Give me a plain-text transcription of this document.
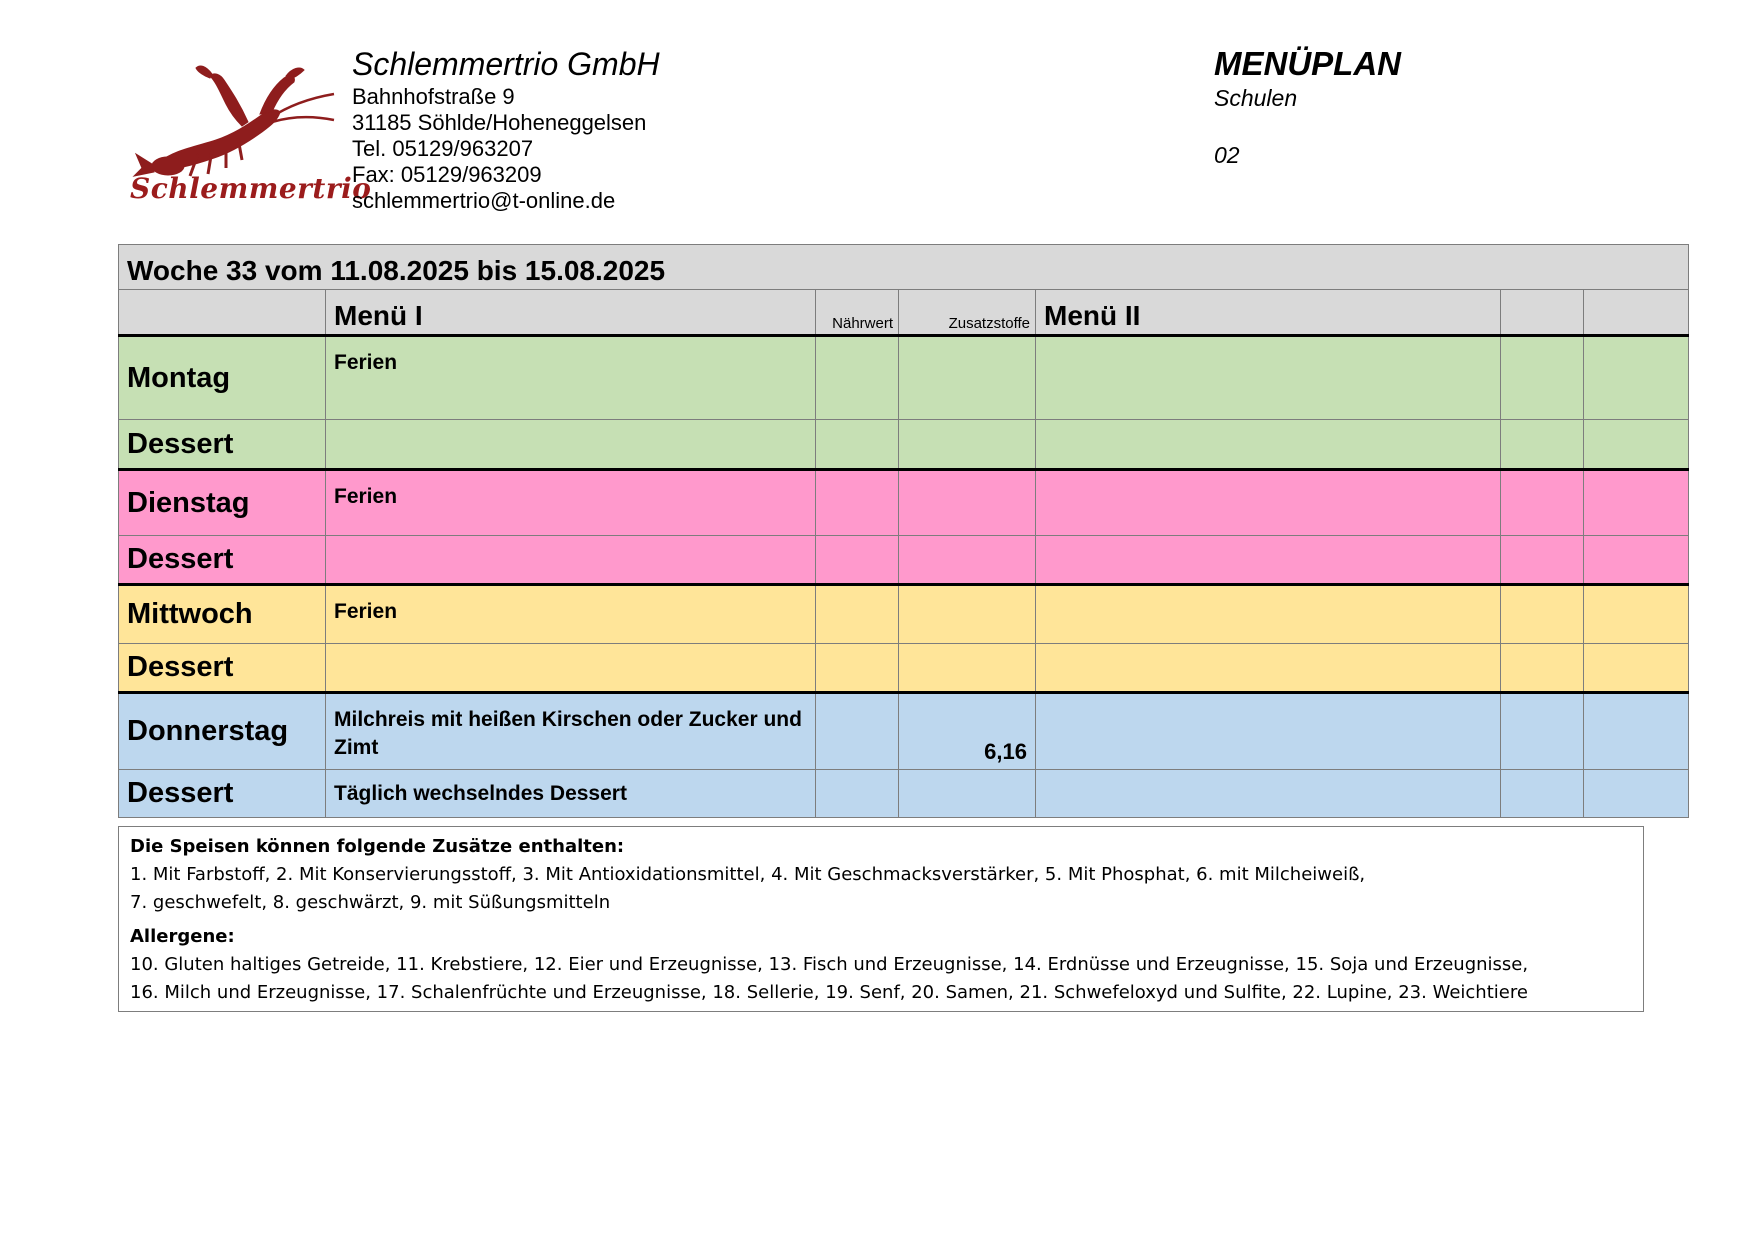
Schlemmertrio
Schlemmertrio GmbH
Bahnhofstraße 9
31185 Söhlde/Hoheneggelsen
Tel. 05129/963207
Fax: 05129/963209
schlemmertrio@t-online.de
MENÜPLAN
Schulen
02
Woche 33 vom 11.08.2025 bis 15.08.2025						
	Menü I	Nährwert	Zusatzstoffe	Menü II		
Montag	Ferien					
Dessert						
Dienstag	Ferien					
Dessert						
Mittwoch	Ferien					
Dessert						
Donnerstag	Milchreis mit heißen Kirschen oder Zucker und Zimt		6,16			
Dessert	Täglich wechselndes Dessert					
Die Speisen können folgende Zusätze enthalten:
1. Mit Farbstoff, 2. Mit Konservierungsstoff, 3. Mit Antioxidationsmittel, 4. Mit Geschmacksverstärker, 5. Mit Phosphat, 6. mit Milcheiweiß,
7. geschwefelt, 8. geschwärzt, 9. mit Süßungsmitteln
Allergene:
10. Gluten haltiges Getreide, 11. Krebstiere, 12. Eier und Erzeugnisse, 13. Fisch und Erzeugnisse, 14. Erdnüsse und Erzeugnisse, 15. Soja und Erzeugnisse,
16. Milch und Erzeugnisse, 17. Schalenfrüchte und Erzeugnisse, 18. Sellerie, 19. Senf, 20. Samen, 21. Schwefeloxyd und Sulfite, 22. Lupine, 23. Weichtiere
